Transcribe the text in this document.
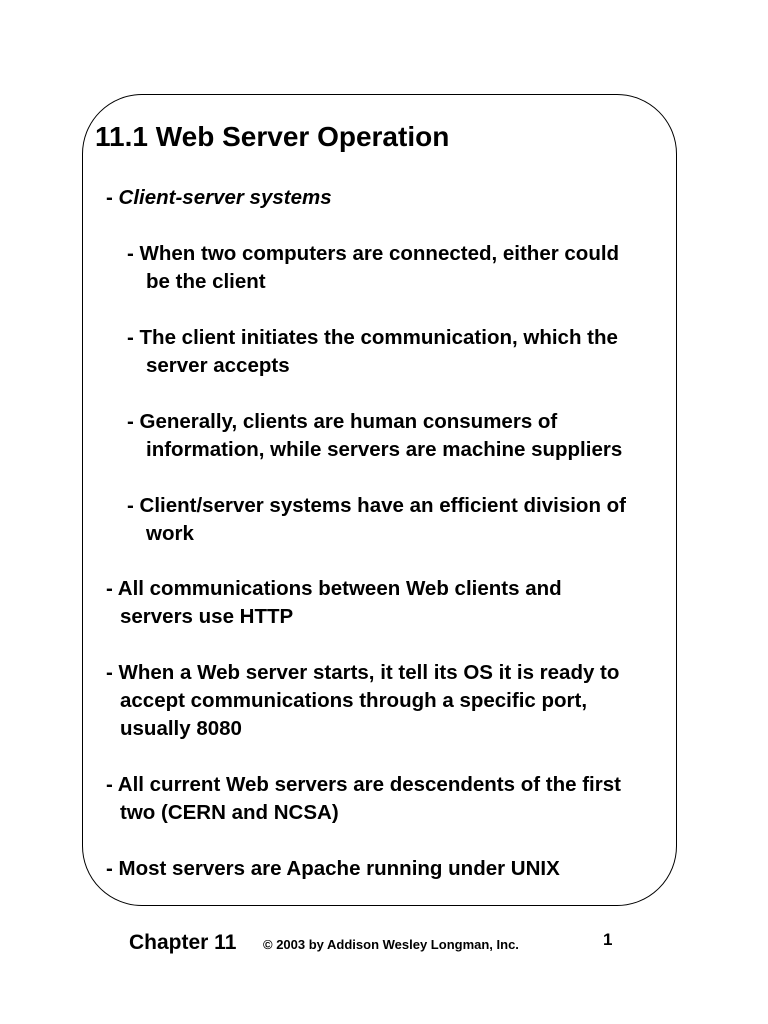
11.1 Web Server Operation
- Client-server systems
- When two computers are connected, either could
be the client
- The client initiates the communication, which the
server accepts
- Generally, clients are human consumers of
information, while servers are machine suppliers
- Client/server systems have an efficient division of
work
- All communications between Web clients and
servers use HTTP
- When a Web server starts, it tell its OS it is ready to
accept communications through a specific port,
usually 8080
- All current Web servers are descendents of the first
two (CERN and NCSA)
- Most servers are Apache running under UNIX
Chapter 11 © 2003 by Addison Wesley Longman, Inc.	1
